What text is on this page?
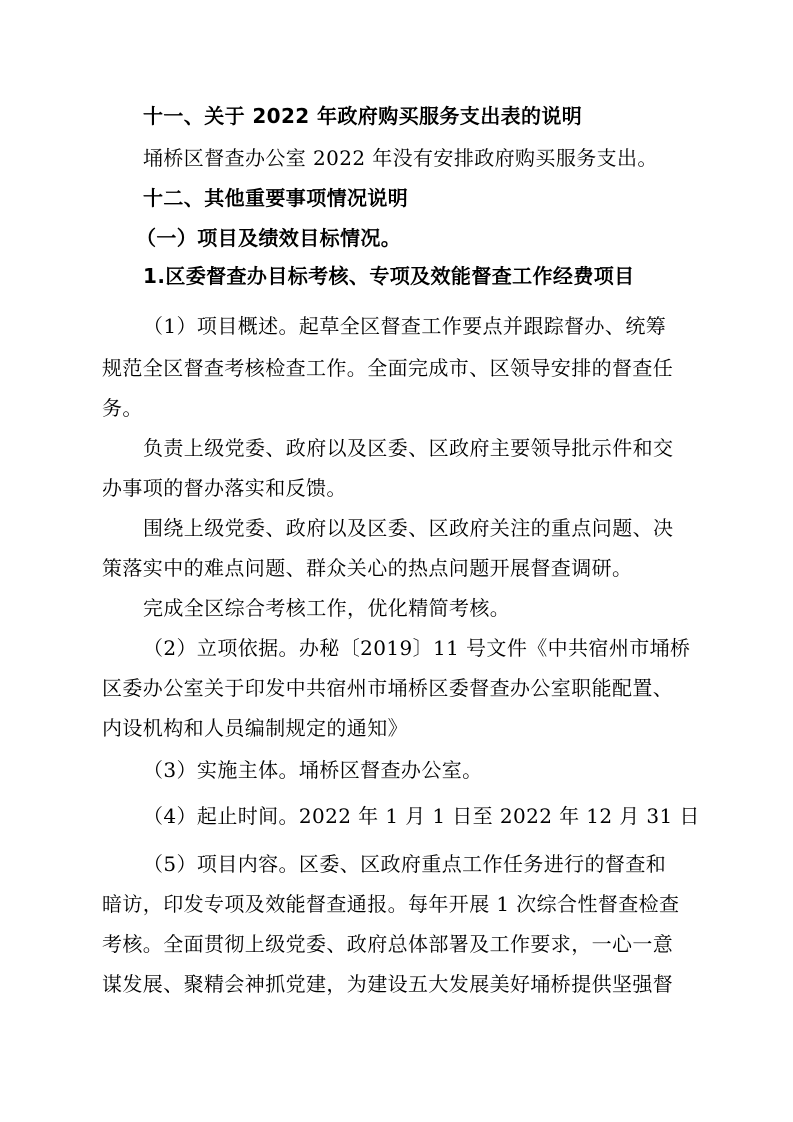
十一、关于 2022 年政府购买服务支出表的说明
埇桥区督查办公室 2022 年没有安排政府购买服务支出。
十二、其他重要事项情况说明
（一）项目及绩效目标情况。
1.区委督查办目标考核、专项及效能督查工作经费项目
（1）项目概述。起草全区督查工作要点并跟踪督办、统筹
规范全区督查考核检查工作。全面完成市、区领导安排的督查任
务。
负责上级党委、政府以及区委、区政府主要领导批示件和交
办事项的督办落实和反馈。
围绕上级党委、政府以及区委、区政府关注的重点问题、决
策落实中的难点问题、群众关心的热点问题开展督查调研。
完成全区综合考核工作，优化精简考核。
（2）立项依据。办秘〔2019〕11 号文件《中共宿州市埇桥
区委办公室关于印发中共宿州市埇桥区委督查办公室职能配置、
内设机构和人员编制规定的通知》
（3）实施主体。埇桥区督查办公室。
（4）起止时间。2022 年 1 月 1 日至 2022 年 12 月 31 日
（5）项目内容。区委、区政府重点工作任务进行的督查和
暗访，印发专项及效能督查通报。每年开展 1 次综合性督查检查
考核。全面贯彻上级党委、政府总体部署及工作要求，一心一意
谋发展、聚精会神抓党建，为建设五大发展美好埇桥提供坚强督
